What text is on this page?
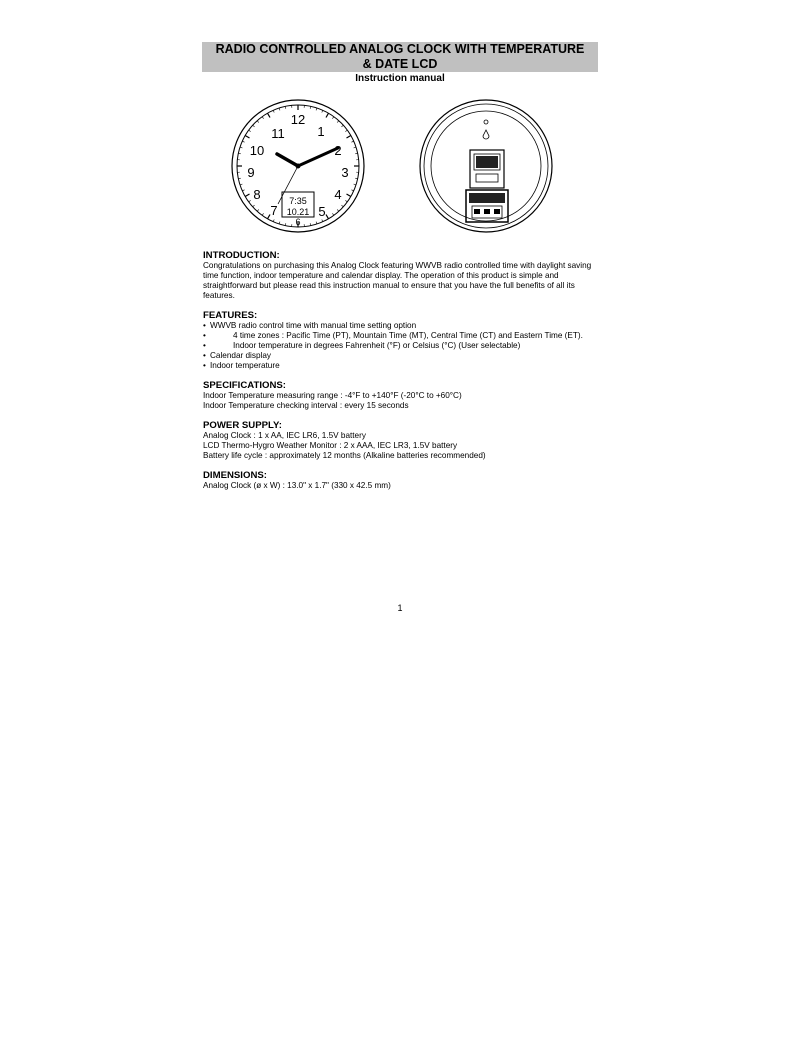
RADIO CONTROLLED ANALOG CLOCK WITH TEMPERATURE
& DATE LCD
Instruction manual
12
1
2
3
4
5
6
7
8
9
10
11
7:35
10.21

INTRODUCTION:

Congratulations on purchasing this Analog Clock featuring WWVB radio controlled time with daylight saving time function, indoor temperature and calendar display. The operation of this product is simple and straightforward but please read this instruction manual to ensure that you have the full benefits of all its features.

FEATURES:

• WWVB radio control time with manual time setting option
•	4 time zones : Pacific Time (PT), Mountain Time (MT), Central Time (CT) and Eastern Time (ET).
•	Indoor temperature in degrees Fahrenheit (°F) or Celsius (°C) (User selectable)
• Calendar display
• Indoor temperature

SPECIFICATIONS:

Indoor Temperature measuring range : -4°F to +140°F (-20°C to +60°C)

Indoor Temperature checking interval : every 15 seconds

POWER SUPPLY:

Analog Clock : 1 x AA, IEC LR6, 1.5V battery

LCD Thermo-Hygro Weather Monitor : 2 x AAA, IEC LR3, 1.5V battery

Battery life cycle : approximately 12 months (Alkaline batteries recommended)

DIMENSIONS:

Analog Clock (ø x W) : 13.0" x 1.7" (330 x 42.5 mm)

1
